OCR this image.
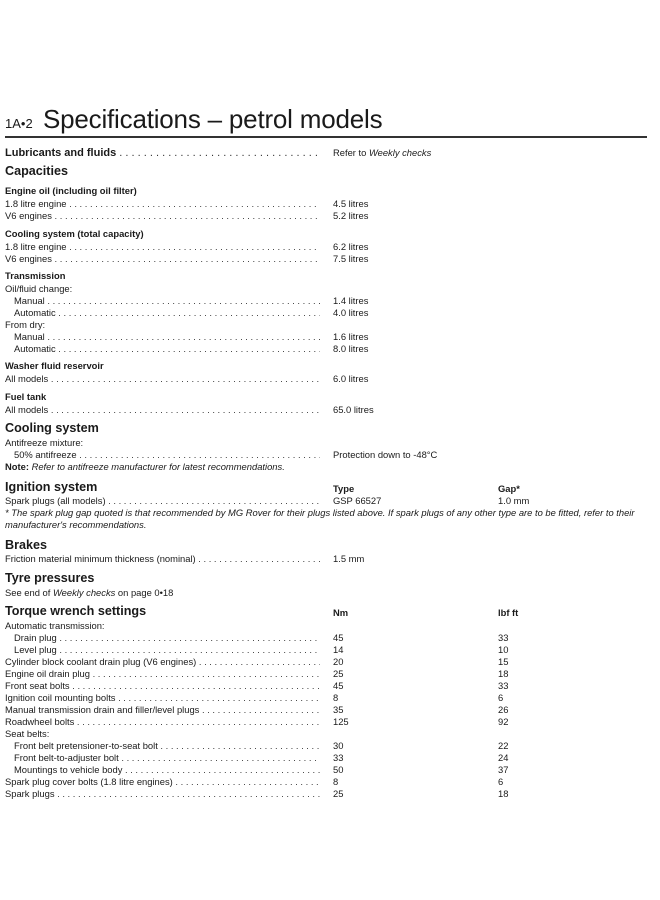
1A•2 Specifications – petrol models
Lubricants and fluids . . .	Refer to Weekly checks
Capacities
Engine oil (including oil filter)
1.8 litre engine . . .	4.5 litres
V6 engines . . .	5.2 litres
Cooling system (total capacity)
1.8 litre engine . . .	6.2 litres
V6 engines . . .	7.5 litres
Transmission
Oil/fluid change:
Manual . . .	1.4 litres
Automatic . . .	4.0 litres
From dry:
Manual . . .	1.6 litres
Automatic . . .	8.0 litres
Washer fluid reservoir
All models . . .	6.0 litres
Fuel tank
All models . . .	65.0 litres
Cooling system
Antifreeze mixture:
50% antifreeze . . .	Protection down to -48°C
Note: Refer to antifreeze manufacturer for latest recommendations.
Ignition system	Type	Gap*
Spark plugs (all models) . . .	GSP 66527	1.0 mm
* The spark plug gap quoted is that recommended by MG Rover for their plugs listed above. If spark plugs of any other type are to be fitted, refer to their manufacturer's recommendations.
Brakes
Friction material minimum thickness (nominal) . . .	1.5 mm
Tyre pressures
See end of Weekly checks on page 0•18
Torque wrench settings	Nm	lbf ft
Automatic transmission:
Drain plug . . .	45	33
Level plug . . .	14	10
Cylinder block coolant drain plug (V6 engines) . . .	20	15
Engine oil drain plug . . .	25	18
Front seat bolts . . .	45	33
Ignition coil mounting bolts . . .	8	6
Manual transmission drain and filler/level plugs . . .	35	26
Roadwheel bolts . . .	125	92
Seat belts:
Front belt pretensioner-to-seat bolt . . .	30	22
Front belt-to-adjuster bolt . . .	33	24
Mountings to vehicle body . . .	50	37
Spark plug cover bolts (1.8 litre engines) . . .	8	6
Spark plugs . . .	25	18
